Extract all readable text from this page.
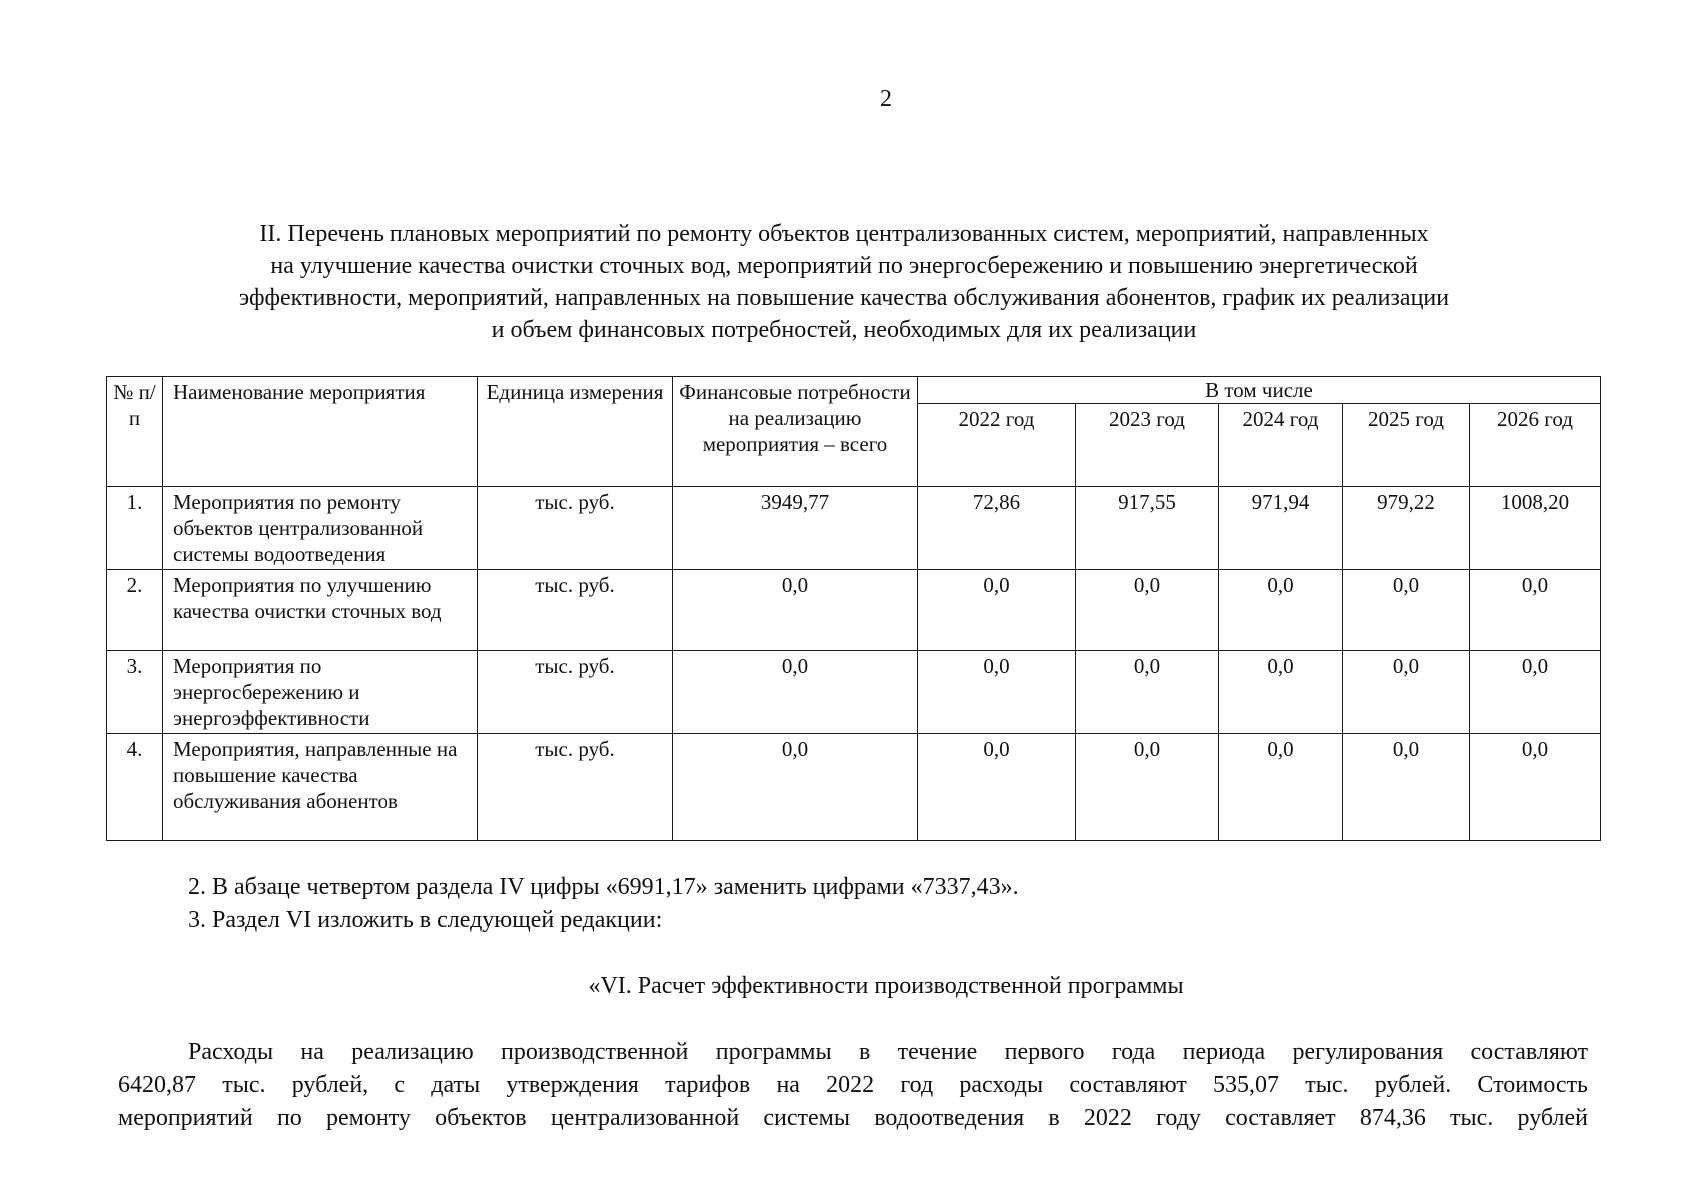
2
II. Перечень плановых мероприятий по ремонту объектов централизованных систем, мероприятий, направленных
на улучшение качества очистки сточных вод, мероприятий по энергосбережению и повышению энергетической
эффективности, мероприятий, направленных на повышение качества обслуживания абонентов, график их реализации
и объем финансовых потребностей, необходимых для их реализации
№ п/п	Наименование мероприятия	Единица измерения	Финансовые потребности на реализацию мероприятия – всего	В том числе				
				2022 год	2023 год	2024 год	2025 год	2026 год
1.	Мероприятия по ремонту объектов централизованной системы водоотведения	тыс. руб.	3949,77	72,86	917,55	971,94	979,22	1008,20
2.	Мероприятия по улучшению качества очистки сточных вод	тыс. руб.	0,0	0,0	0,0	0,0	0,0	0,0
3.	Мероприятия по энергосбережению и энергоэффективности	тыс. руб.	0,0	0,0	0,0	0,0	0,0	0,0
4.	Мероприятия, направленные на повышение качества обслуживания абонентов	тыс. руб.	0,0	0,0	0,0	0,0	0,0	0,0
2. В абзаце четвертом раздела IV цифры «6991,17» заменить цифрами «7337,43».
3. Раздел VI изложить в следующей редакции:
«VI. Расчет эффективности производственной программы
Расходы на реализацию производственной программы в течение первого года периода регулирования составляют
6420,87 тыс. рублей, с даты утверждения тарифов на 2022 год расходы составляют 535,07 тыс. рублей. Стоимость
мероприятий по ремонту объектов централизованной системы водоотведения в 2022 году составляет 874,36 тыс. рублей
